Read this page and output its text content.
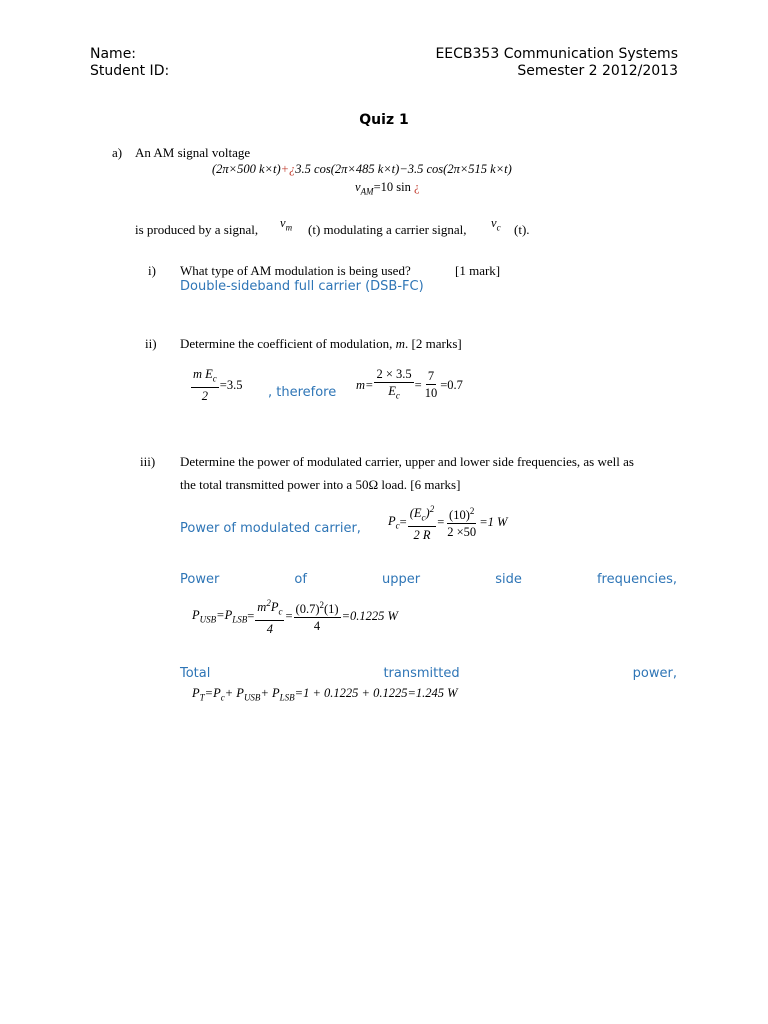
Name:
Student ID:
EECB353 Communication Systems
Semester 2 2012/2013
Quiz 1
a) An AM signal voltage
(2π×500 k×t)+¿3.5 cos(2π×485 k×t)−3.5 cos(2π×515 k×t)
$v_{AM}=10$ sin ¿
is produced by a signal, $v_m$ (t) modulating a carrier signal, $v_c$ (t).
i) What type of AM modulation is being used?	[1 mark]
Double-sideband full carrier (DSB-FC)
ii) Determine the coefficient of modulation, m. [2 marks]
$\frac{m E_c}{2} =3.5$
, therefore
$m= \frac{2 \times 3.5}{E_c} = \frac{7}{10} =0.7$
iii) Determine the power of modulated carrier, upper and lower side frequencies, as well as
the total transmitted power into a 50Ω load. [6 marks]
Power of modulated carrier, $P_c = \frac{(E_c)^2}{2 R} = \frac{(10)^2}{2 \times 50} =1$ W
Power	of	upper	side	frequencies,
$P_{USB}=P_{LSB} = \frac{m^2P_c}{4} = \frac{(0.7)^2(1)}{4} =0.1225$ W
Total	transmitted	power,
$P_T=P_c+ P_{USB}+ P_{LSB}=1 + 0.1225 + 0.1225=1.245$ W
